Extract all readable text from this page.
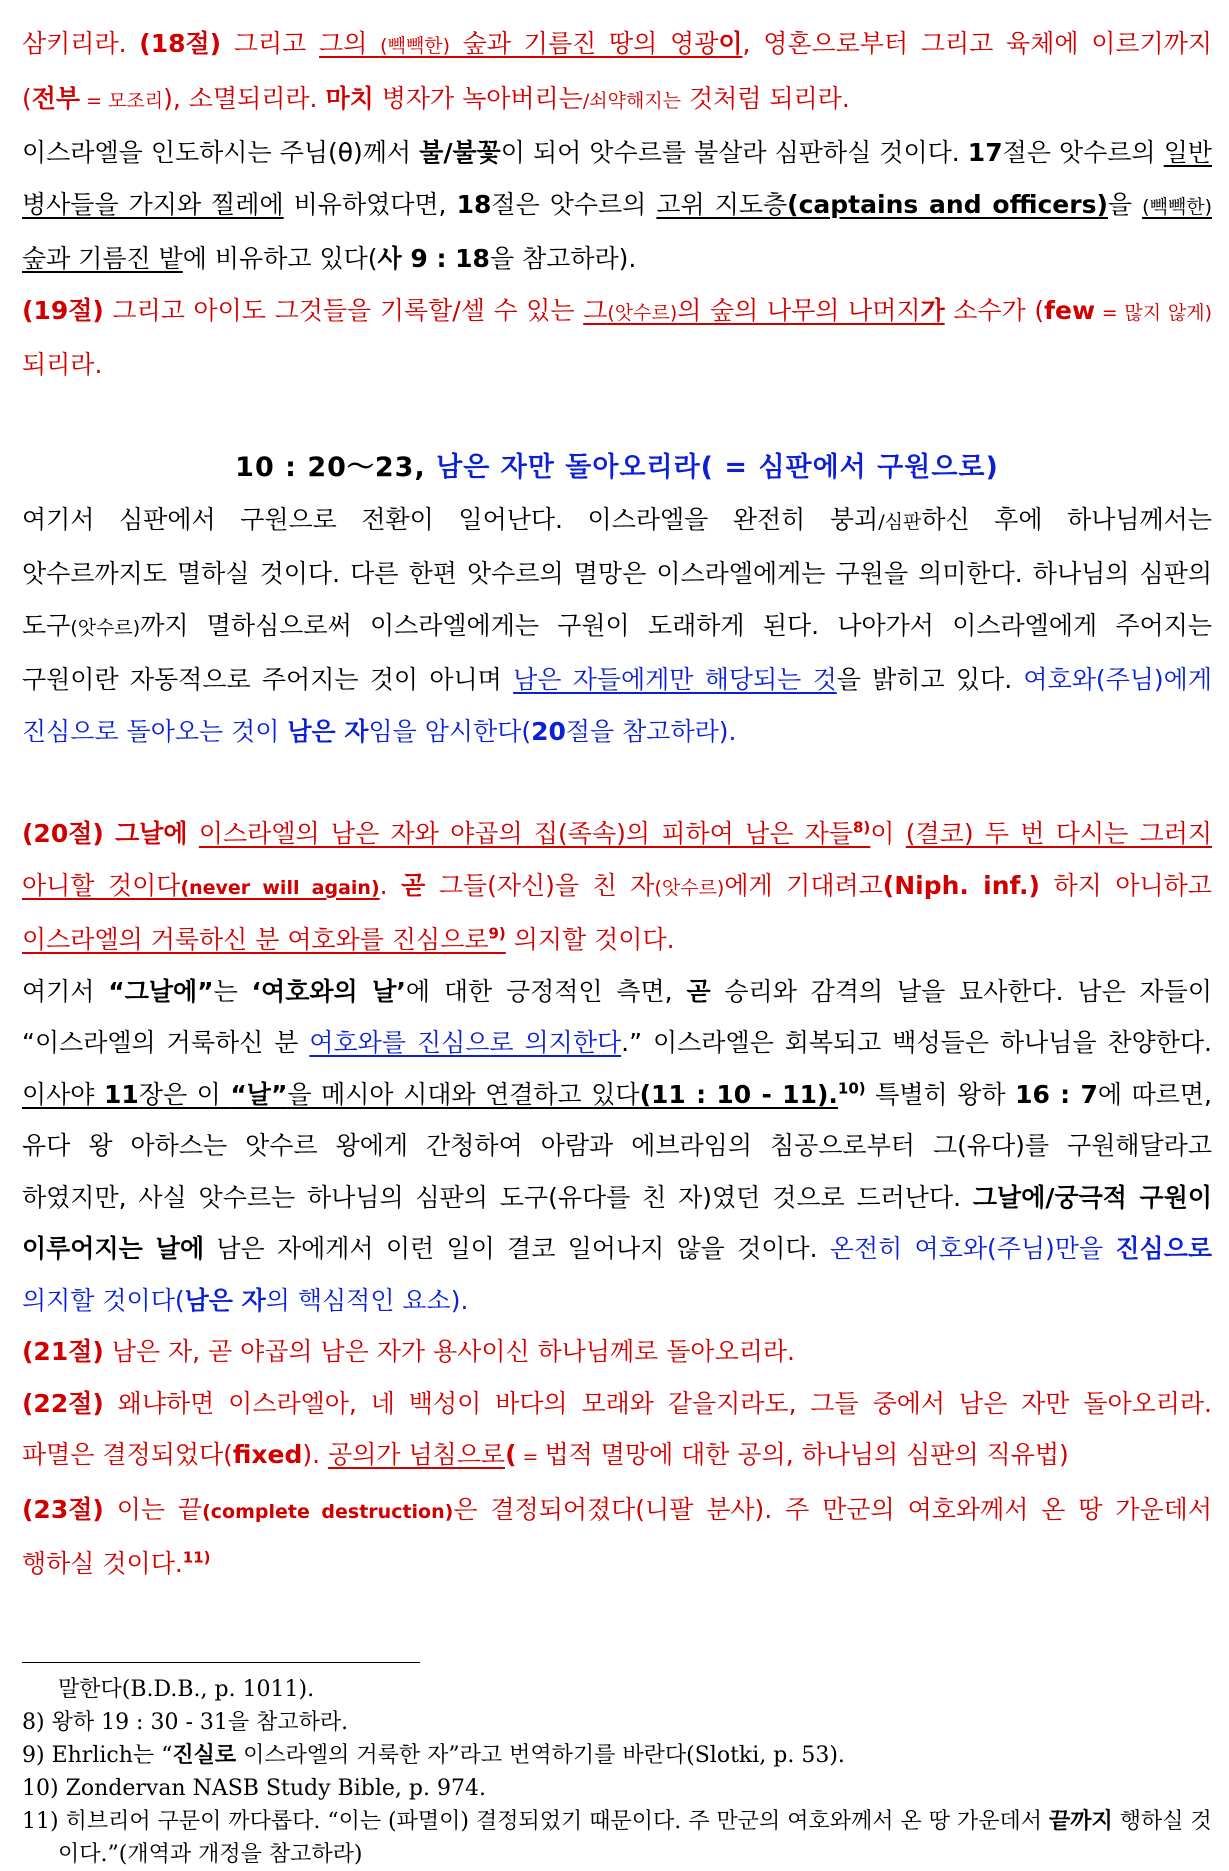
삼키리라. (18절) 그리고 그의 (빽빽한) 숲과 기름진 땅의 영광이, 영혼으로부터 그리고 육체에 이르기까지(전부 = 모조리), 소멸되리라. 마치 병자가 녹아버리는/쇠약해지는 것처럼 되리라.

이스라엘을 인도하시는 주님(θ)께서 불/불꽃이 되어 앗수르를 불살라 심판하실 것이다. 17절은 앗수르의 일반 병사들을 가지와 찔레에 비유하였다면, 18절은 앗수르의 고위 지도층(captains and officers)을 (빽빽한) 숲과 기름진 밭에 비유하고 있다(사 9 : 18을 참고하라).

(19절) 그리고 아이도 그것들을 기록할/셀 수 있는 그(앗수르)의 숲의 나무의 나머지가 소수가 (few = 많지 않게) 되리라.

10 : 20～23, 남은 자만 돌아오리라( = 심판에서 구원으로)

여기서 심판에서 구원으로 전환이 일어난다. 이스라엘을 완전히 붕괴/심판하신 후에 하나님께서는 앗수르까지도 멸하실 것이다. 다른 한편 앗수르의 멸망은 이스라엘에게는 구원을 의미한다. 하나님의 심판의 도구(앗수르)까지 멸하심으로써 이스라엘에게는 구원이 도래하게 된다. 나아가서 이스라엘에게 주어지는 구원이란 자동적으로 주어지는 것이 아니며 남은 자들에게만 해당되는 것을 밝히고 있다. 여호와(주님)에게 진심으로 돌아오는 것이 남은 자임을 암시한다(20절을 참고하라).

(20절) 그날에 이스라엘의 남은 자와 야곱의 집(족속)의 피하여 남은 자들$^{8)}$이 (결코) 두 번 다시는 그러지 아니할 것이다(never will again). 곧 그들(자신)을 친 자(앗수르)에게 기대려고(Niph. inf.) 하지 아니하고 이스라엘의 거룩하신 분 여호와를 진심으로$^{9)}$ 의지할 것이다.

여기서 “그날에”는 ‘여호와의 날’에 대한 긍정적인 측면, 곧 승리와 감격의 날을 묘사한다. 남은 자들이 “이스라엘의 거룩하신 분 여호와를 진심으로 의지한다.” 이스라엘은 회복되고 백성들은 하나님을 찬양한다. 이사야 11장은 이 “날”을 메시아 시대와 연결하고 있다(11 : 10 - 11).$^{10)}$ 특별히 왕하 16 : 7에 따르면, 유다 왕 아하스는 앗수르 왕에게 간청하여 아람과 에브라임의 침공으로부터 그(유다)를 구원해달라고 하였지만, 사실 앗수르는 하나님의 심판의 도구(유다를 친 자)였던 것으로 드러난다. 그날에/궁극적 구원이 이루어지는 날에 남은 자에게서 이런 일이 결코 일어나지 않을 것이다. 온전히 여호와(주님)만을 진심으로 의지할 것이다(남은 자의 핵심적인 요소).

(21절) 남은 자, 곧 야곱의 남은 자가 용사이신 하나님께로 돌아오리라.

(22절) 왜냐하면 이스라엘아, 네 백성이 바다의 모래와 같을지라도, 그들 중에서 남은 자만 돌아오리라. 파멸은 결정되었다(fixed). 공의가 넘침으로( = 법적 멸망에 대한 공의, 하나님의 심판의 직유법)

(23절) 이는 끝(complete destruction)은 결정되어졌다(니팔 분사). 주 만군의 여호와께서 온 땅 가운데서 행하실 것이다.$^{11)}$

말한다(B.D.B., p. 1011).
8) 왕하 19 : 30 - 31을 참고하라.
9) Ehrlich는 “진실로 이스라엘의 거룩한 자”라고 번역하기를 바란다(Slotki, p. 53).
10) Zondervan NASB Study Bible, p. 974.
11) 히브리어 구문이 까다롭다. “이는 (파멸이) 결정되었기 때문이다. 주 만군의 여호와께서 온 땅 가운데서 끝까지 행하실 것이다.”(개역과 개정을 참고하라)
